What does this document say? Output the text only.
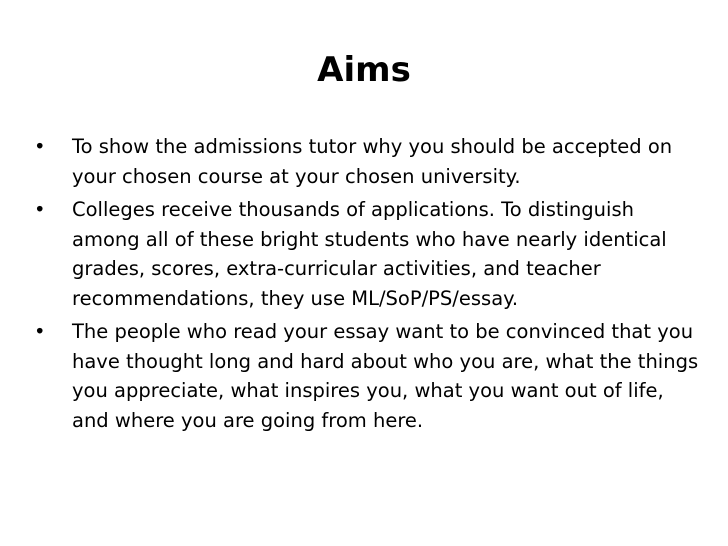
Aims
•	To show the admissions tutor why you should be accepted on your chosen course at your chosen university.
•	Colleges receive thousands of applications. To distinguish among all of these bright students who have nearly identical grades, scores, extra-curricular activities, and teacher recommendations, they use ML/SoP/PS/essay.
•	The people who read your essay want to be convinced that you have thought long and hard about who you are, what the things you appreciate, what inspires you, what you want out of life, and where you are going from here.
